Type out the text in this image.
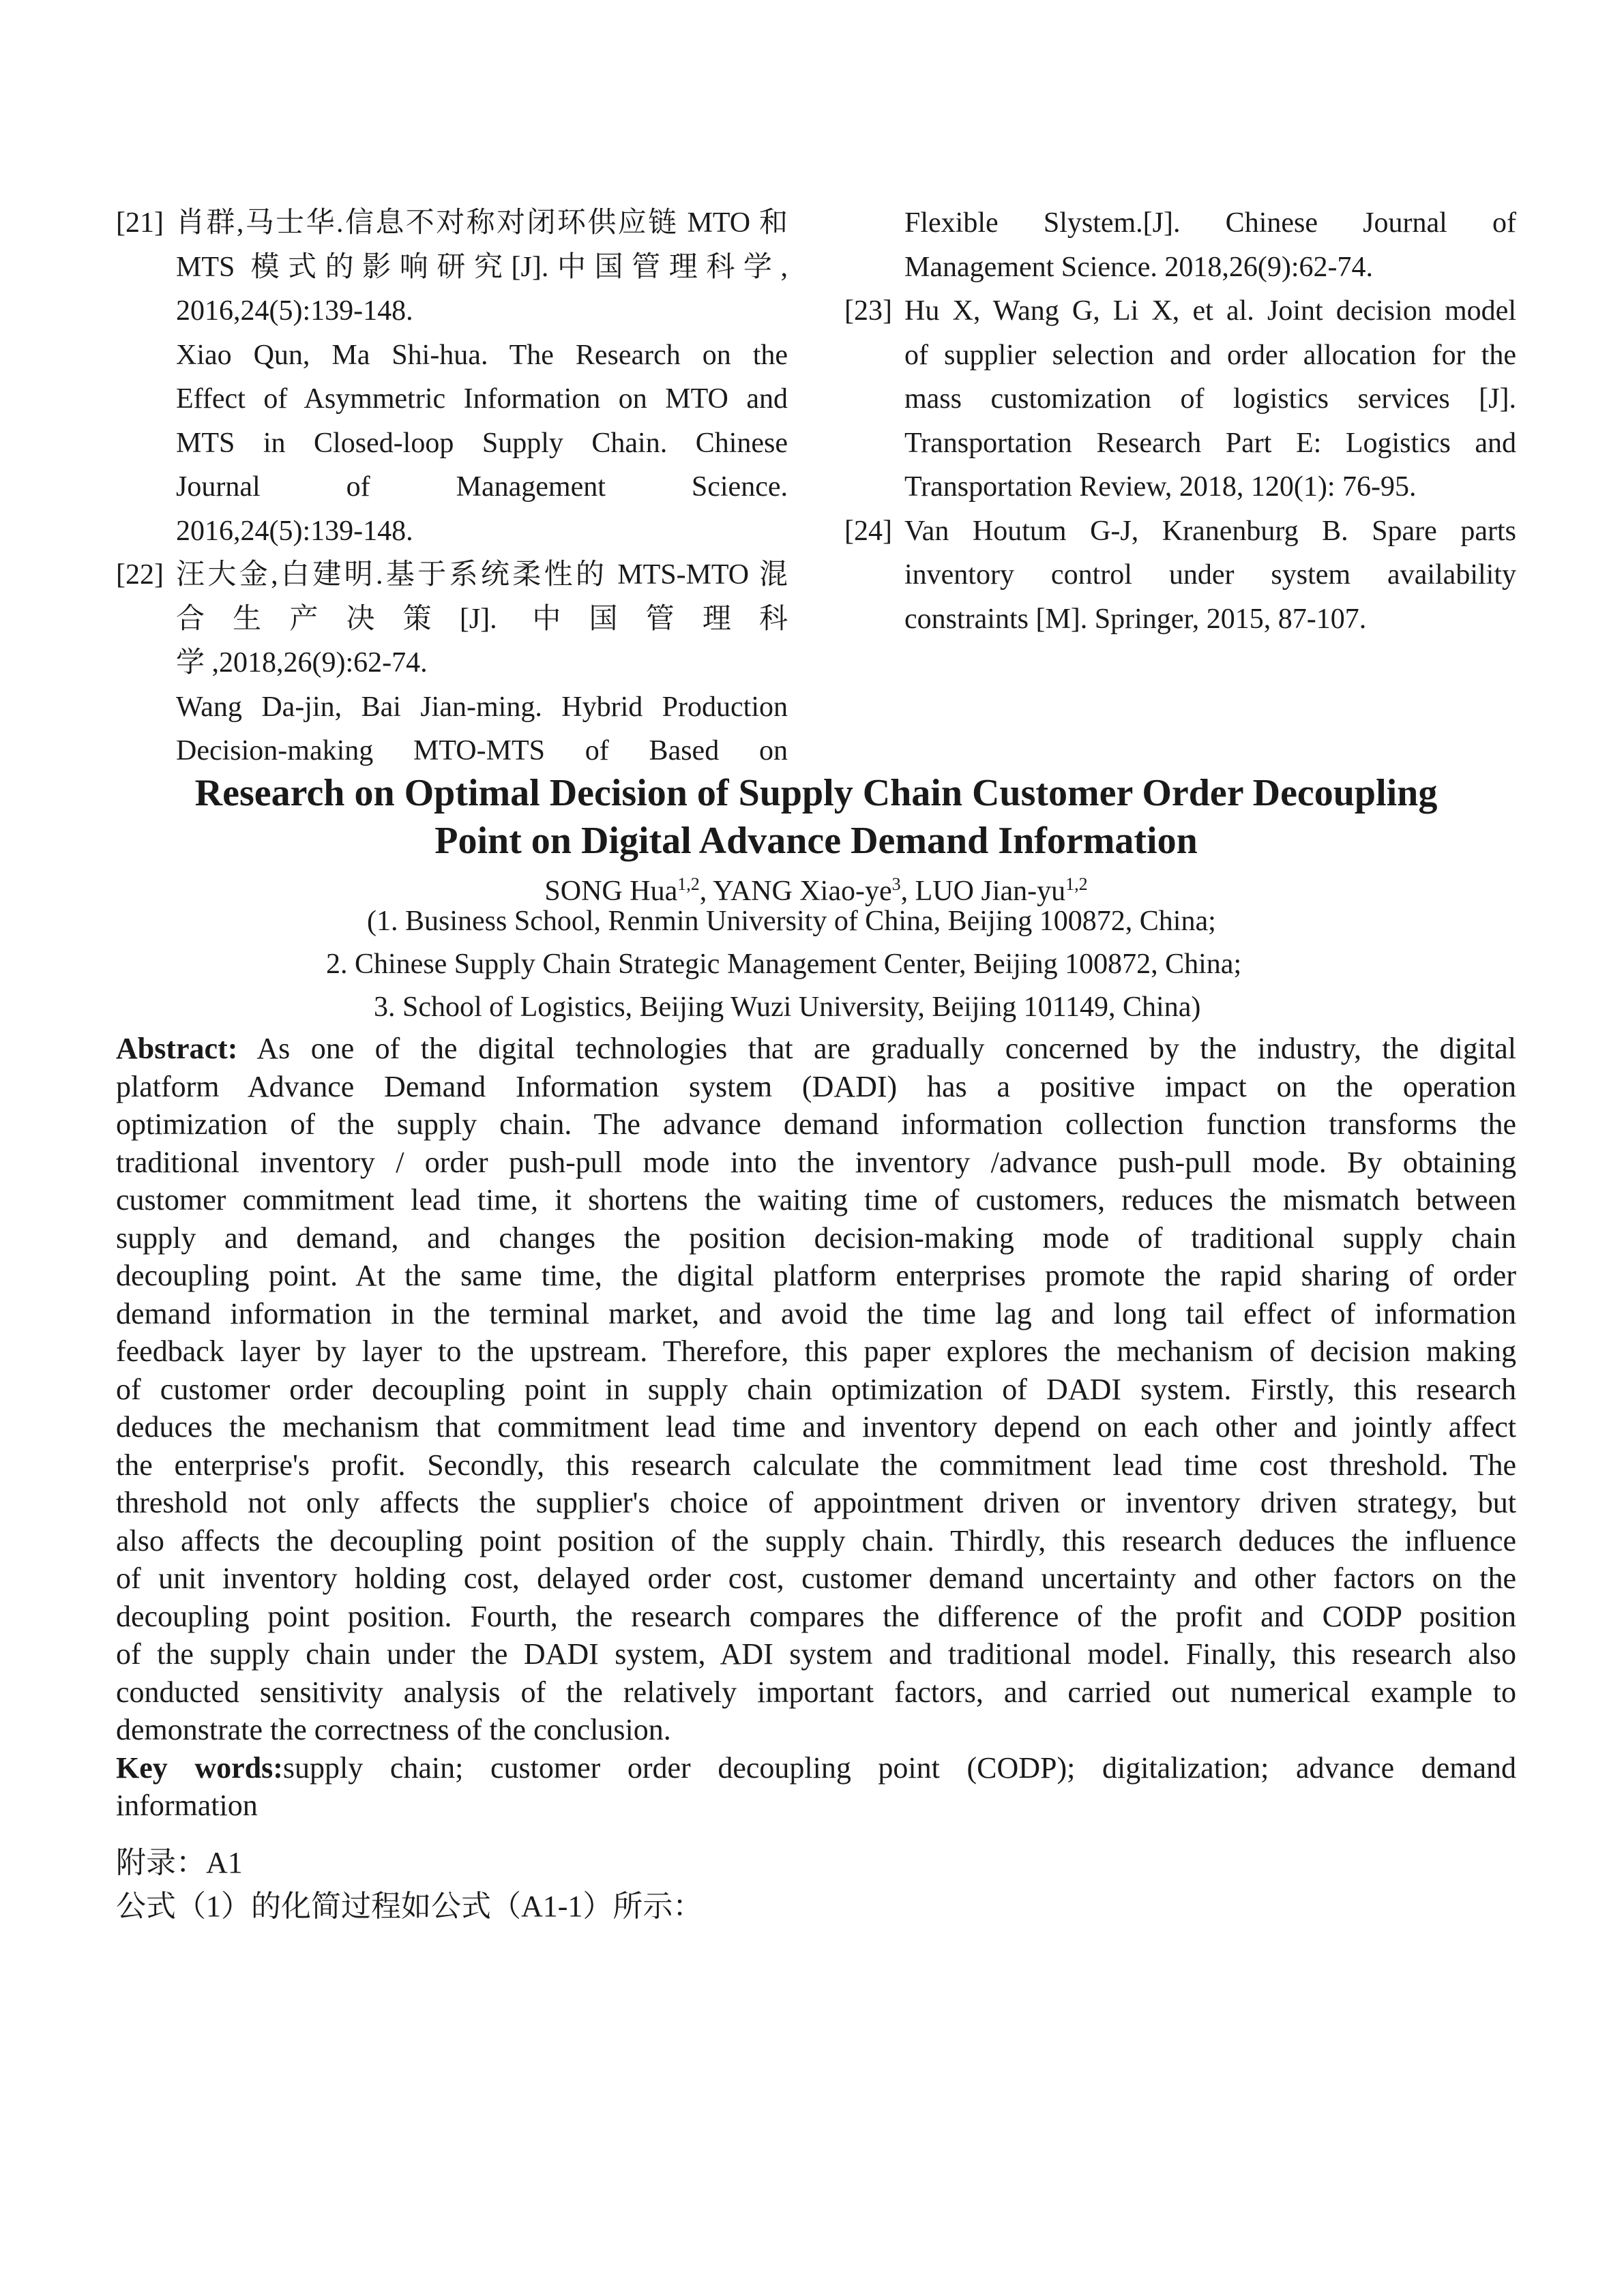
[21] 肖群,马士华.信息不对称对闭环供应链 MTO 和
MTS 模式的影响研究[J].中国管理科学,
2016,24(5):139-148.
Xiao Qun, Ma Shi-hua. The Research on the
Effect of Asymmetric Information on MTO and
MTS in Closed-loop Supply Chain. Chinese
Journal of Management Science.
2016,24(5):139-148.
[22] 汪大金,白建明.基于系统柔性的 MTS-MTO 混
合生产决策[J]. 中国管理科
学 ,2018,26(9):62-74.
Wang Da-jin, Bai Jian-ming. Hybrid Production
Decision-making MTO-MTS of Based on
Flexible Slystem.[J]. Chinese Journal of
Management Science. 2018,26(9):62-74.
[23] Hu X, Wang G, Li X, et al. Joint decision model
of supplier selection and order allocation for the
mass customization of logistics services [J].
Transportation Research Part E: Logistics and
Transportation Review, 2018, 120(1): 76-95.
[24] Van Houtum G-J, Kranenburg B. Spare parts
inventory control under system availability
constraints [M]. Springer, 2015, 87-107.
Research on Optimal Decision of Supply Chain Customer Order Decoupling
Point on Digital Advance Demand Information
SONG Hua$^{1,2}$, YANG Xiao-$ye^3$, LUO Jian-yu$^{1,2}$
(1. Business School, Renmin University of China, Beijing 100872, China;
2. Chinese Supply Chain Strategic Management Center, Beijing 100872, China;
3. School of Logistics, Beijing Wuzi University, Beijing 101149, China)
Abstract: As one of the digital technologies that are gradually concerned by the industry, the digital
platform Advance Demand Information system (DADI) has a positive impact on the operation
optimization of the supply chain. The advance demand information collection function transforms the
traditional inventory / order push-pull mode into the inventory /advance push-pull mode. By obtaining
customer commitment lead time, it shortens the waiting time of customers, reduces the mismatch between
supply and demand, and changes the position decision-making mode of traditional supply chain
decoupling point. At the same time, the digital platform enterprises promote the rapid sharing of order
demand information in the terminal market, and avoid the time lag and long tail effect of information
feedback layer by layer to the upstream. Therefore, this paper explores the mechanism of decision making
of customer order decoupling point in supply chain optimization of DADI system. Firstly, this research
deduces the mechanism that commitment lead time and inventory depend on each other and jointly affect
the enterprise's profit. Secondly, this research calculate the commitment lead time cost threshold. The
threshold not only affects the supplier's choice of appointment driven or inventory driven strategy, but
also affects the decoupling point position of the supply chain. Thirdly, this research deduces the influence
of unit inventory holding cost, delayed order cost, customer demand uncertainty and other factors on the
decoupling point position. Fourth, the research compares the difference of the profit and CODP position
of the supply chain under the DADI system, ADI system and traditional model. Finally, this research also
conducted sensitivity analysis of the relatively important factors, and carried out numerical example to
demonstrate the correctness of the conclusion.
Key words:supply chain; customer order decoupling point (CODP); digitalization; advance demand
information
附录：A1
公式（1）的化简过程如公式（A1-1）所示：
